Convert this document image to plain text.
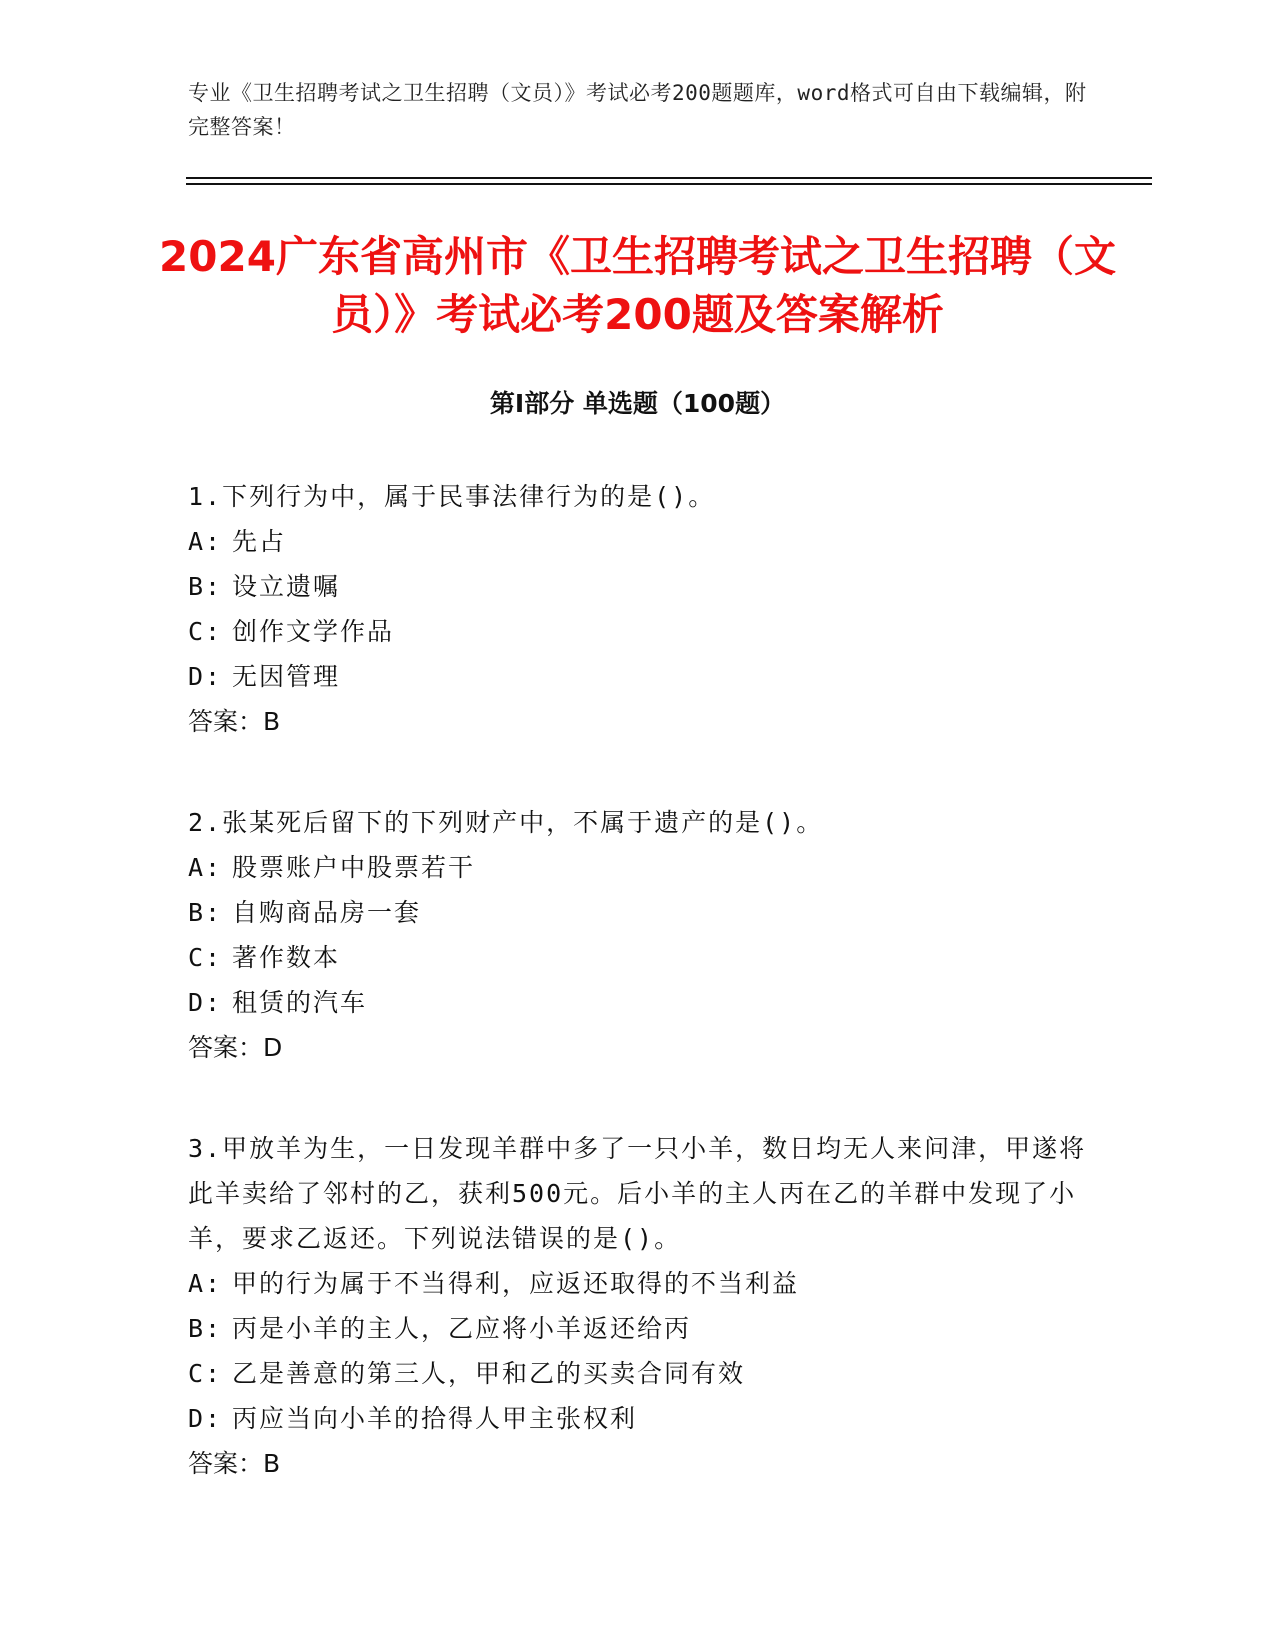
专业《卫生招聘考试之卫生招聘（文员）》考试必考200题题库，word格式可自由下载编辑，附完整答案！
2024广东省高州市《卫生招聘考试之卫生招聘（文员）》考试必考200题及答案解析
第I部分 单选题（100题）
1.下列行为中，属于民事法律行为的是()。
A: 先占
B: 设立遗嘱
C: 创作文学作品
D: 无因管理
答案：B
2.张某死后留下的下列财产中，不属于遗产的是()。
A: 股票账户中股票若干
B: 自购商品房一套
C: 著作数本
D: 租赁的汽车
答案：D
3.甲放羊为生，一日发现羊群中多了一只小羊，数日均无人来问津，甲遂将此羊卖给了邻村的乙，获利500元。后小羊的主人丙在乙的羊群中发现了小羊，要求乙返还。下列说法错误的是()。
A: 甲的行为属于不当得利，应返还取得的不当利益
B: 丙是小羊的主人，乙应将小羊返还给丙
C: 乙是善意的第三人，甲和乙的买卖合同有效
D: 丙应当向小羊的拾得人甲主张权利
答案：B
